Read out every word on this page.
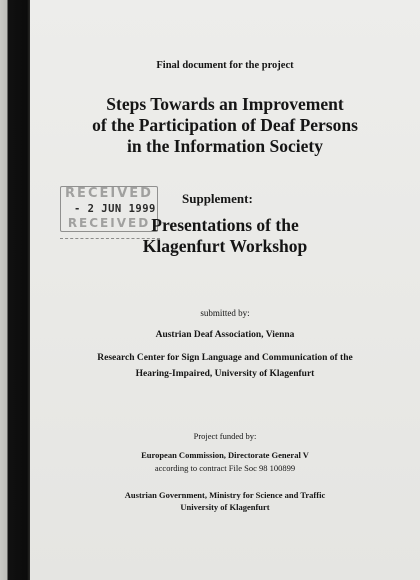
Final document for the project
Steps Towards an Improvement
of the Participation of Deaf Persons
in the Information Society
RECEIVED
- 2 JUN 1999
RECEIVED
Supplement:
Presentations of the
Klagenfurt Workshop
submitted by:
Austrian Deaf Association, Vienna
Research Center for Sign Language and Communication of the
Hearing-Impaired, University of Klagenfurt
Project funded by:
European Commission, Directorate General V
according to contract File Soc 98 100899
Austrian Government, Ministry for Science and Traffic
University of Klagenfurt
